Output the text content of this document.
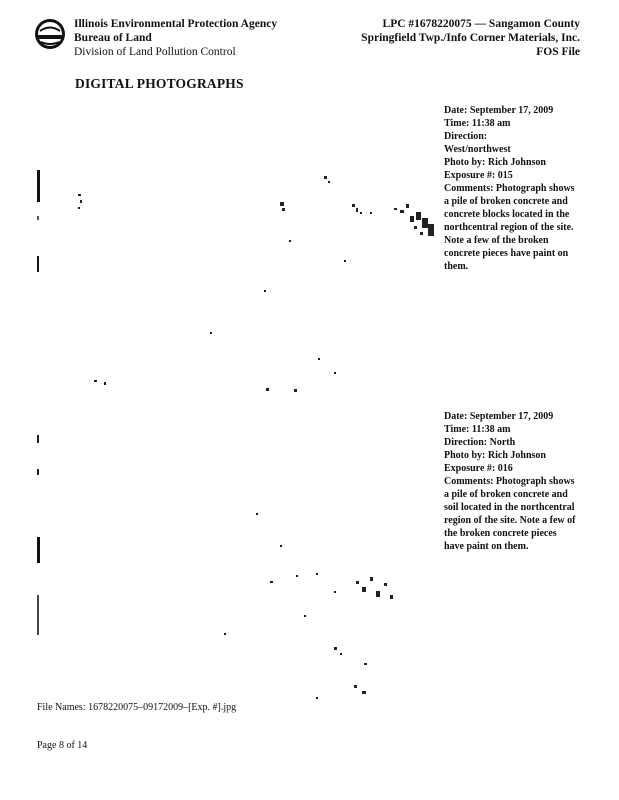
Illinois Environmental Protection Agency
Bureau of Land
Division of Land Pollution Control
LPC #1678220075 — Sangamon County
Springfield Twp./Info Corner Materials, Inc.
FOS File
DIGITAL PHOTOGRAPHS
Date: September 17, 2009
Time: 11:38 am
Direction:
West/northwest
Photo by: Rich Johnson
Exposure #: 015
Comments: Photograph shows a pile of broken concrete and concrete blocks located in the northcentral region of the site. Note a few of the broken concrete pieces have paint on them.
Date: September 17, 2009
Time: 11:38 am
Direction: North
Photo by: Rich Johnson
Exposure #: 016
Comments: Photograph shows a pile of broken concrete and soil located in the northcentral region of the site. Note a few of the broken concrete pieces have paint on them.
File Names: 1678220075–09172009–[Exp. #].jpg
Page 8 of 14
